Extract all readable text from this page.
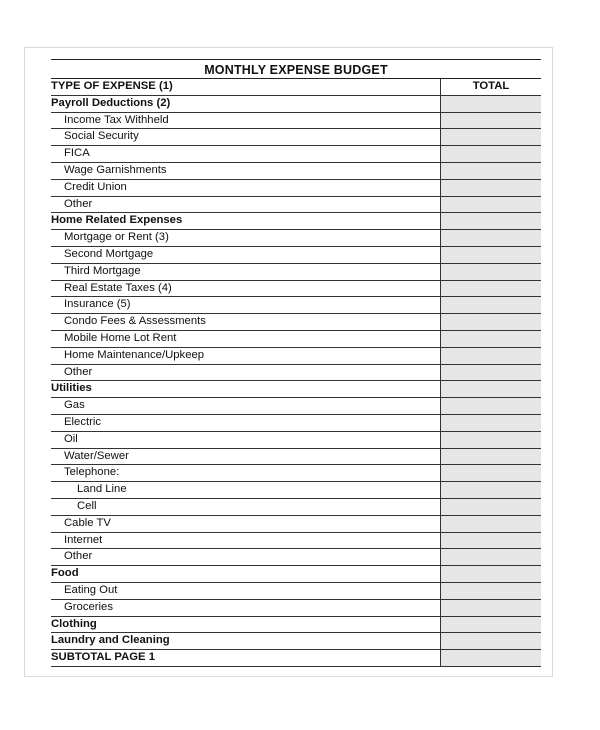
MONTHLY EXPENSE BUDGET
TYPE OF EXPENSE (1)	TOTAL
Payroll Deductions (2)	
Income Tax Withheld	
Social Security	
FICA	
Wage Garnishments	
Credit Union	
Other	
Home Related Expenses	
Mortgage or Rent (3)	
Second Mortgage	
Third Mortgage	
Real Estate Taxes (4)	
Insurance (5)	
Condo Fees & Assessments	
Mobile Home Lot Rent	
Home Maintenance/Upkeep	
Other	
Utilities	
Gas	
Electric	
Oil	
Water/Sewer	
Telephone:	
Land Line	
Cell	
Cable TV	
Internet	
Other	
Food	
Eating Out	
Groceries	
Clothing	
Laundry and Cleaning	
SUBTOTAL PAGE 1	
